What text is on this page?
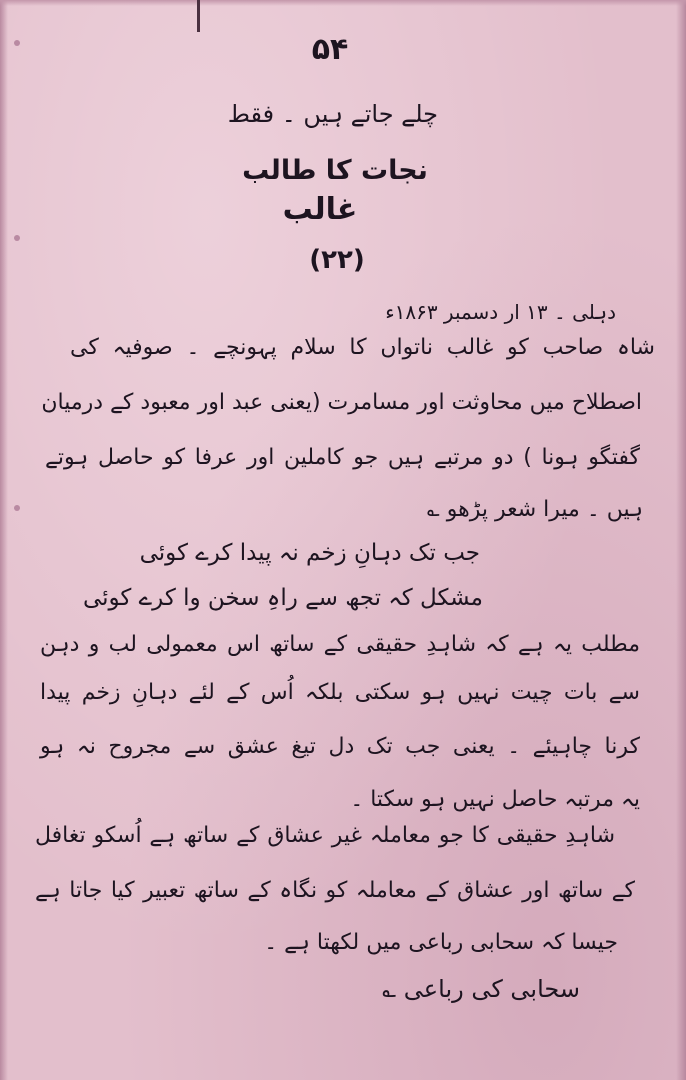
۵۴
چلے جاتے ہیں ۔ فقط
نجات کا طالب
غالب
(۲۲)
دہلی ۔ ۱۳ ار دسمبر ۱۸۶۳ء
شاہ صاحب کو غالب ناتواں کا سلام پہونچے ۔ صوفیہ کی
اصطلاح میں محاوثت اور مسامرت (یعنی عبد اور معبود کے درمیان
گفتگو ہونا ) دو مرتبے ہیں جو کاملین اور عرفا کو حاصل ہوتے
ہیں ۔ میرا شعر پڑھو ؎
جب تک دہانِ زخم نہ پیدا کرے کوئی
مشکل کہ تجھ سے راہِ سخن وا کرے کوئی
مطلب یہ ہے کہ شاہدِ حقیقی کے ساتھ اس معمولی لب و دہن
سے بات چیت نہیں ہو سکتی بلکہ اُس کے لئے دہانِ زخم پیدا
کرنا چاہیئے ۔ یعنی جب تک دل تیغ عشق سے مجروح نہ ہو
یہ مرتبہ حاصل نہیں ہو سکتا ۔
شاہدِ حقیقی کا جو معاملہ غیر عشاق کے ساتھ ہے اُسکو تغافل
کے ساتھ اور عشاق کے معاملہ کو نگاہ کے ساتھ تعبیر کیا جاتا ہے
جیسا کہ سحابی رباعی میں لکھتا ہے ۔
سحابی کی رباعی ؎
